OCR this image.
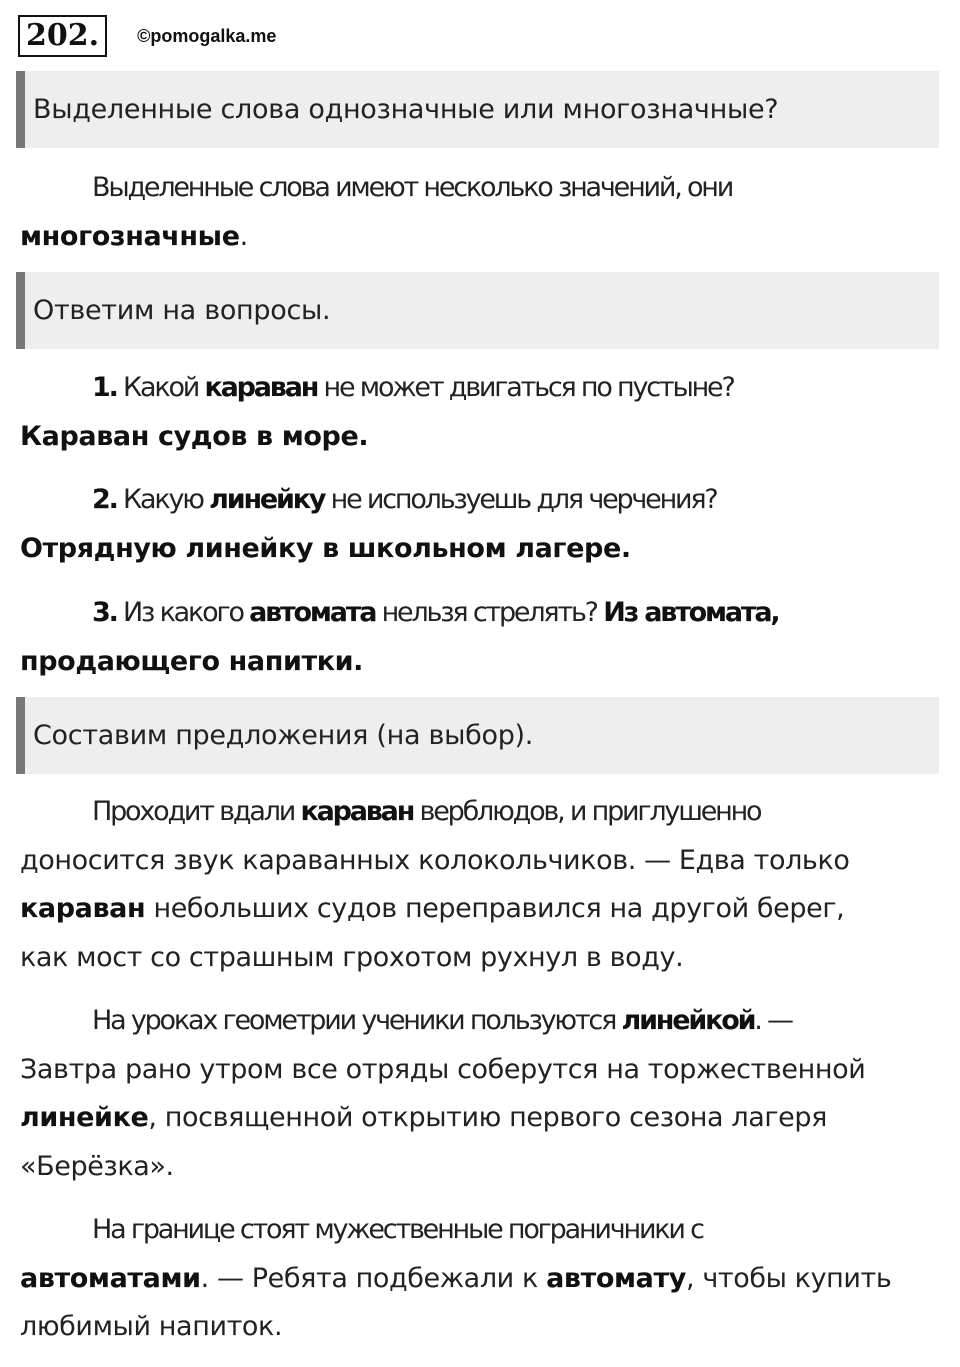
202.	©pomogalka.me
Выделенные слова однозначные или многозначные?

Выделенные слова имеют несколько значений, они
многозначные.

Ответим на вопросы.

1. Какой караван не может двигаться по пустыне?
Караван судов в море.

2. Какую линейку не используешь для черчения?
Отрядную линейку в школьном лагере.

3. Из какого автомата нельзя стрелять? Из автомата,
продающего напитки.

Составим предложения (на выбор).

Проходит вдали караван верблюдов, и приглушенно
доносится звук караванных колокольчиков. — Едва только
караван небольших судов переправился на другой берег,
как мост со страшным грохотом рухнул в воду.

На уроках геометрии ученики пользуются линейкой. —
Завтра рано утром все отряды соберутся на торжественной
линейке, посвященной открытию первого сезона лагеря
«Берёзка».

На границе стоят мужественные пограничники с
автоматами. — Ребята подбежали к автомату, чтобы купить
любимый напиток.
